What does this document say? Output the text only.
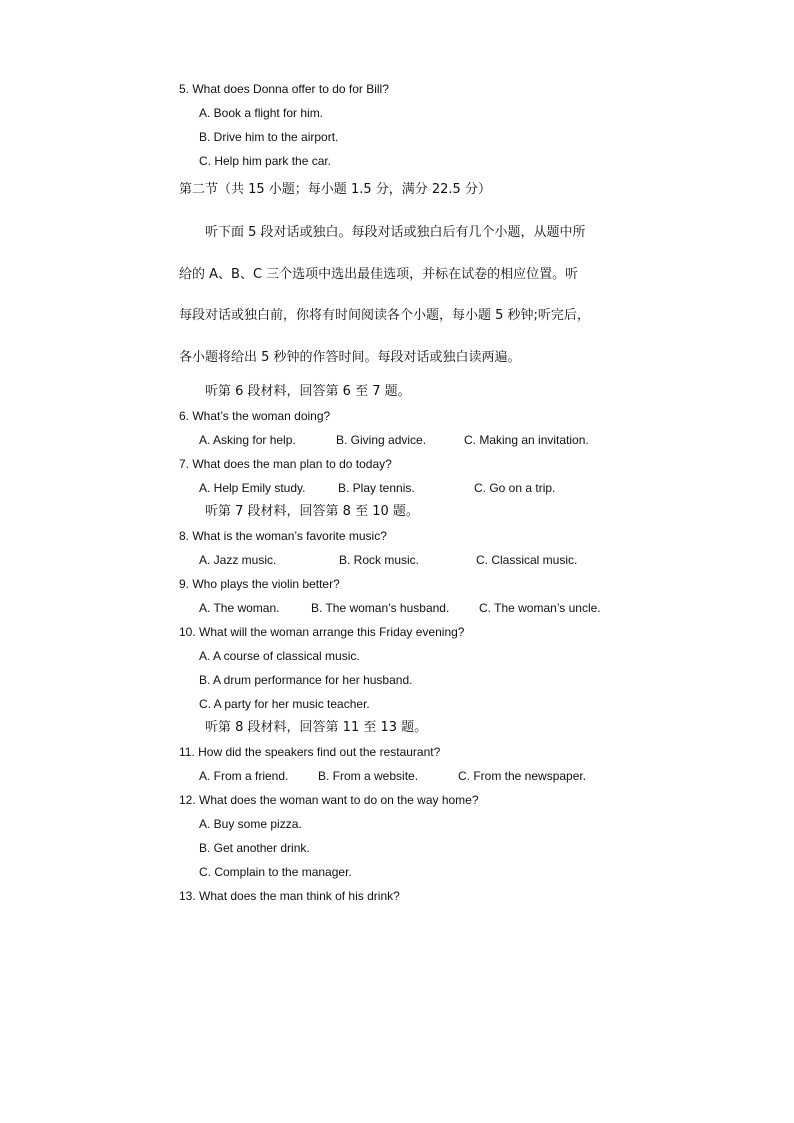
5. What does Donna offer to do for Bill?
A. Book a flight for him.
B. Drive him to the airport.
C. Help him park the car.
第二节（共 15 小题；每小题 1.5 分，满分 22.5 分）
听下面 5 段对话或独白。每段对话或独白后有几个小题，从题中所
给的 A、B、C 三个选项中选出最佳选项，并标在试卷的相应位置。听
每段对话或独白前，你将有时间阅读各个小题，每小题 5 秒钟;听完后，
各小题将给出 5 秒钟的作答时间。每段对话或独白读两遍。
听第 6 段材料，回答第 6 至 7 题。
6. What’s the woman doing?
A. Asking for help.	B. Giving advice.	C. Making an invitation.
7. What does the man plan to do today?
A. Help Emily study.	B. Play tennis.	C. Go on a trip.
听第 7 段材料，回答第 8 至 10 题。
8. What is the woman’s favorite music?
A. Jazz music.	B. Rock music.	C. Classical music.
9. Who plays the violin better?
A. The woman.	B. The woman’s husband. C. The woman’s uncle.
10. What will the woman arrange this Friday evening?
A. A course of classical music.
B. A drum performance for her husband.
C. A party for her music teacher.
听第 8 段材料，回答第 11 至 13 题。
11. How did the speakers find out the restaurant?
A. From a friend. B. From a website.	C. From the newspaper.
12. What does the woman want to do on the way home?
A. Buy some pizza.
B. Get another drink.
C. Complain to the manager.
13. What does the man think of his drink?
